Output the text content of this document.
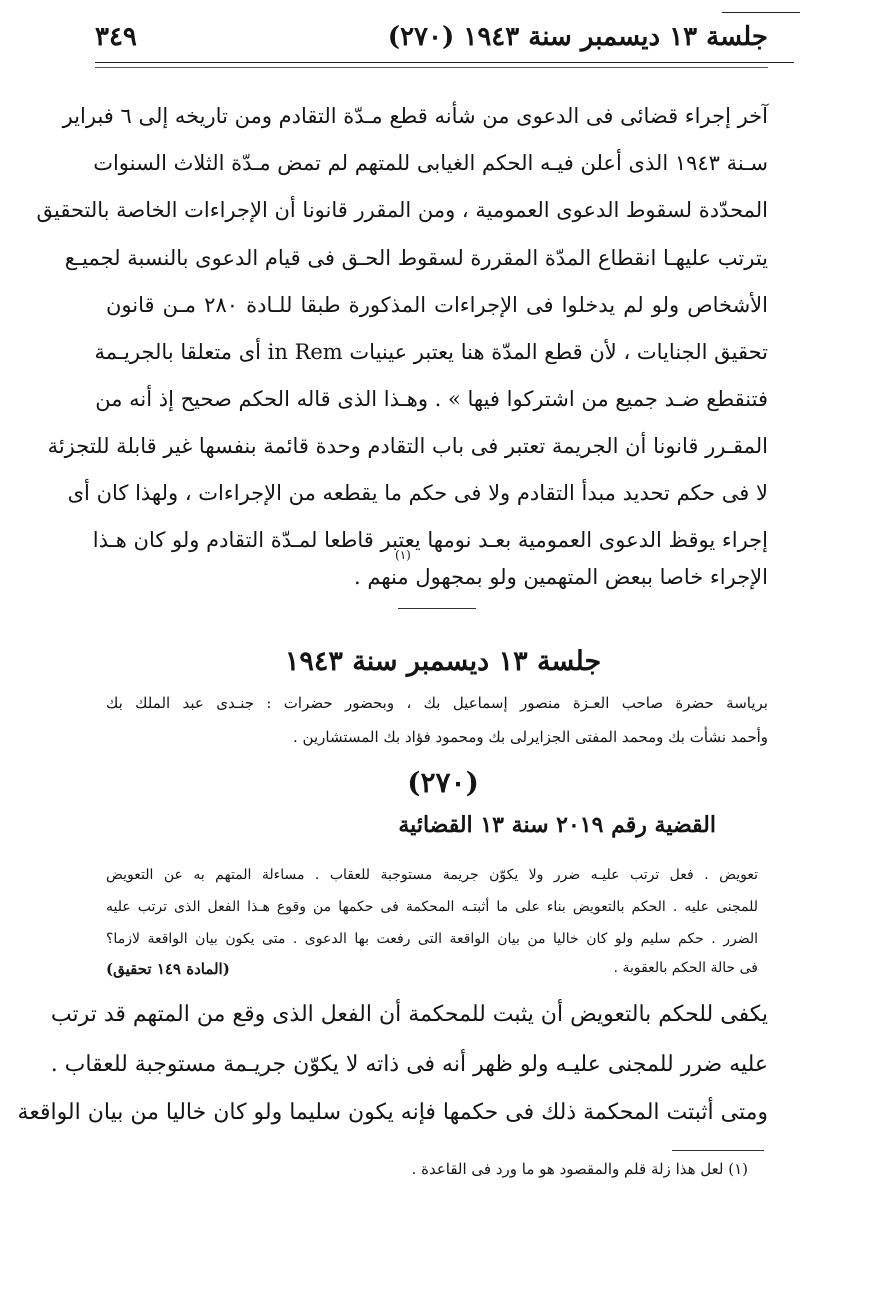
جلسة ١٣ ديسمبر سنة ١٩٤٣ (٢٧٠)
٣٤٩
آخر إجراء قضائى فى الدعوى من شأنه قطع مـدّة التقادم ومن تاريخه إلى ٦ فبراير
سـنة ١٩٤٣ الذى أعلن فيـه الحكم الغيابى للمتهم لم تمض مـدّة الثلاث السنوات
المحدّدة لسقوط الدعوى العمومية ، ومن المقرر قانونا أن الإجراءات الخاصة بالتحقيق
يترتب عليهـا انقطاع المدّة المقررة لسقوط الحـق فى قيام الدعوى بالنسبة لجميـع
الأشخاص ولو لم يدخلوا فى الإجراءات المذكورة طبقا للـادة ٢٨٠ مـن قانون
تحقيق الجنايات ، لأن قطع المدّة هنا يعتبر عينيات in Rem أى متعلقا بالجريـمة
فتنقطع ضـد جميع من اشتركوا فيها » . وهـذا الذى قاله الحكم صحيح إذ أنه من
المقـرر قانونا أن الجريمة تعتبر فى باب التقادم وحدة قائمة بنفسها غير قابلة للتجزئة
لا فى حكم تحديد مبدأ التقادم ولا فى حكم ما يقطعه من الإجراءات ، ولهذا كان أى
إجراء يوقظ الدعوى العمومية بعـد نومها يعتبر قاطعا لمـدّة التقادم ولو كان هـذا
(١)
الإجراء خاصا ببعض المتهمين ولو بمجهول منهم .
جلسة ١٣ ديسمبر سنة ١٩٤٣
برياسة حضرة صاحب العـزة منصور إسماعيل بك ، وبحضور حضرات : جنـدى عبد الملك بك
وأحمد نشأت بك ومحمد المفتى الجزايرلى بك ومحمود فؤاد بك المستشارين .
(٢٧٠)
القضية رقم ٢٠١٩ سنة ١٣ القضائية
تعويض . فعل ترتب عليـه ضرر ولا يكوّن جريمة مستوجبة للعقاب . مساءلة المتهم به عن التعويض
للمجنى عليه . الحكم بالتعويض بناء على ما أثبتـه المحكمة فى حكمها من وقوع هـذا الفعل الذى ترتب عليه
الضرر . حكم سليم ولو كان خاليا من بيان الواقعة التى رفعت بها الدعوى . متى يكون بيان الواقعة لازما؟
فى حالة الحكم بالعقوبة .
(المادة ١٤٩ تحقيق)
يكفى للحكم بالتعويض أن يثبت للمحكمة أن الفعل الذى وقع من المتهم قد ترتب
عليه ضرر للمجنى عليـه ولو ظهر أنه فى ذاته لا يكوّن جريـمة مستوجبة للعقاب .
ومتى أثبتت المحكمة ذلك فى حكمها فإنه يكون سليما ولو كان خاليا من بيان الواقعة
(١) لعل هذا زلة قلم والمقصود هو ما ورد فى القاعدة .
